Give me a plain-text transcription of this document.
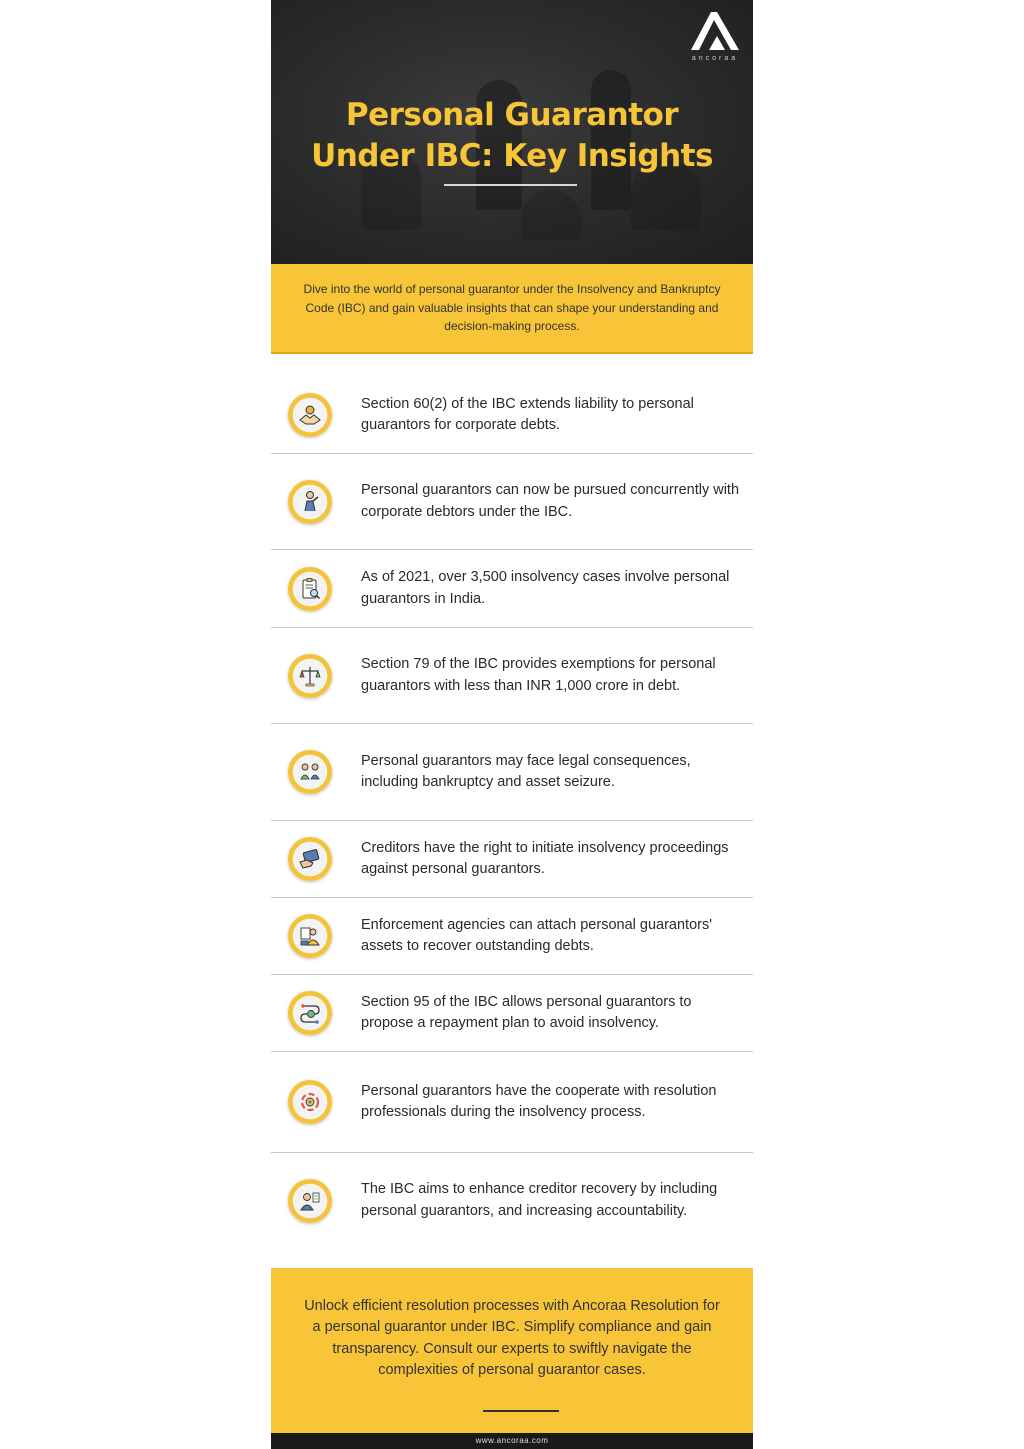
ancoraa
Personal Guarantor
Under IBC: Key Insights

Dive into the world of personal guarantor under the Insolvency and Bankruptcy Code (IBC) and gain valuable insights that can shape your understanding and decision-making process.

Section 60(2) of the IBC extends liability to personal guarantors for corporate debts.
Personal guarantors can now be pursued concurrently with corporate debtors under the IBC.
As of 2021, over 3,500 insolvency cases involve personal guarantors in India.
Section 79 of the IBC provides exemptions for personal guarantors with less than INR 1,000 crore in debt.
Personal guarantors may face legal consequences, including bankruptcy and asset seizure.
Creditors have the right to initiate insolvency proceedings against personal guarantors.
Enforcement agencies can attach personal guarantors' assets to recover outstanding debts.
Section 95 of the IBC allows personal guarantors to propose a repayment plan to avoid insolvency.
Personal guarantors have the cooperate with resolution professionals during the insolvency process.
The IBC aims to enhance creditor recovery by including personal guarantors, and increasing accountability.

Unlock efficient resolution processes with Ancoraa Resolution for a personal guarantor under IBC. Simplify compliance and gain transparency. Consult our experts to swiftly navigate the complexities of personal guarantor cases.

www.ancoraa.com
